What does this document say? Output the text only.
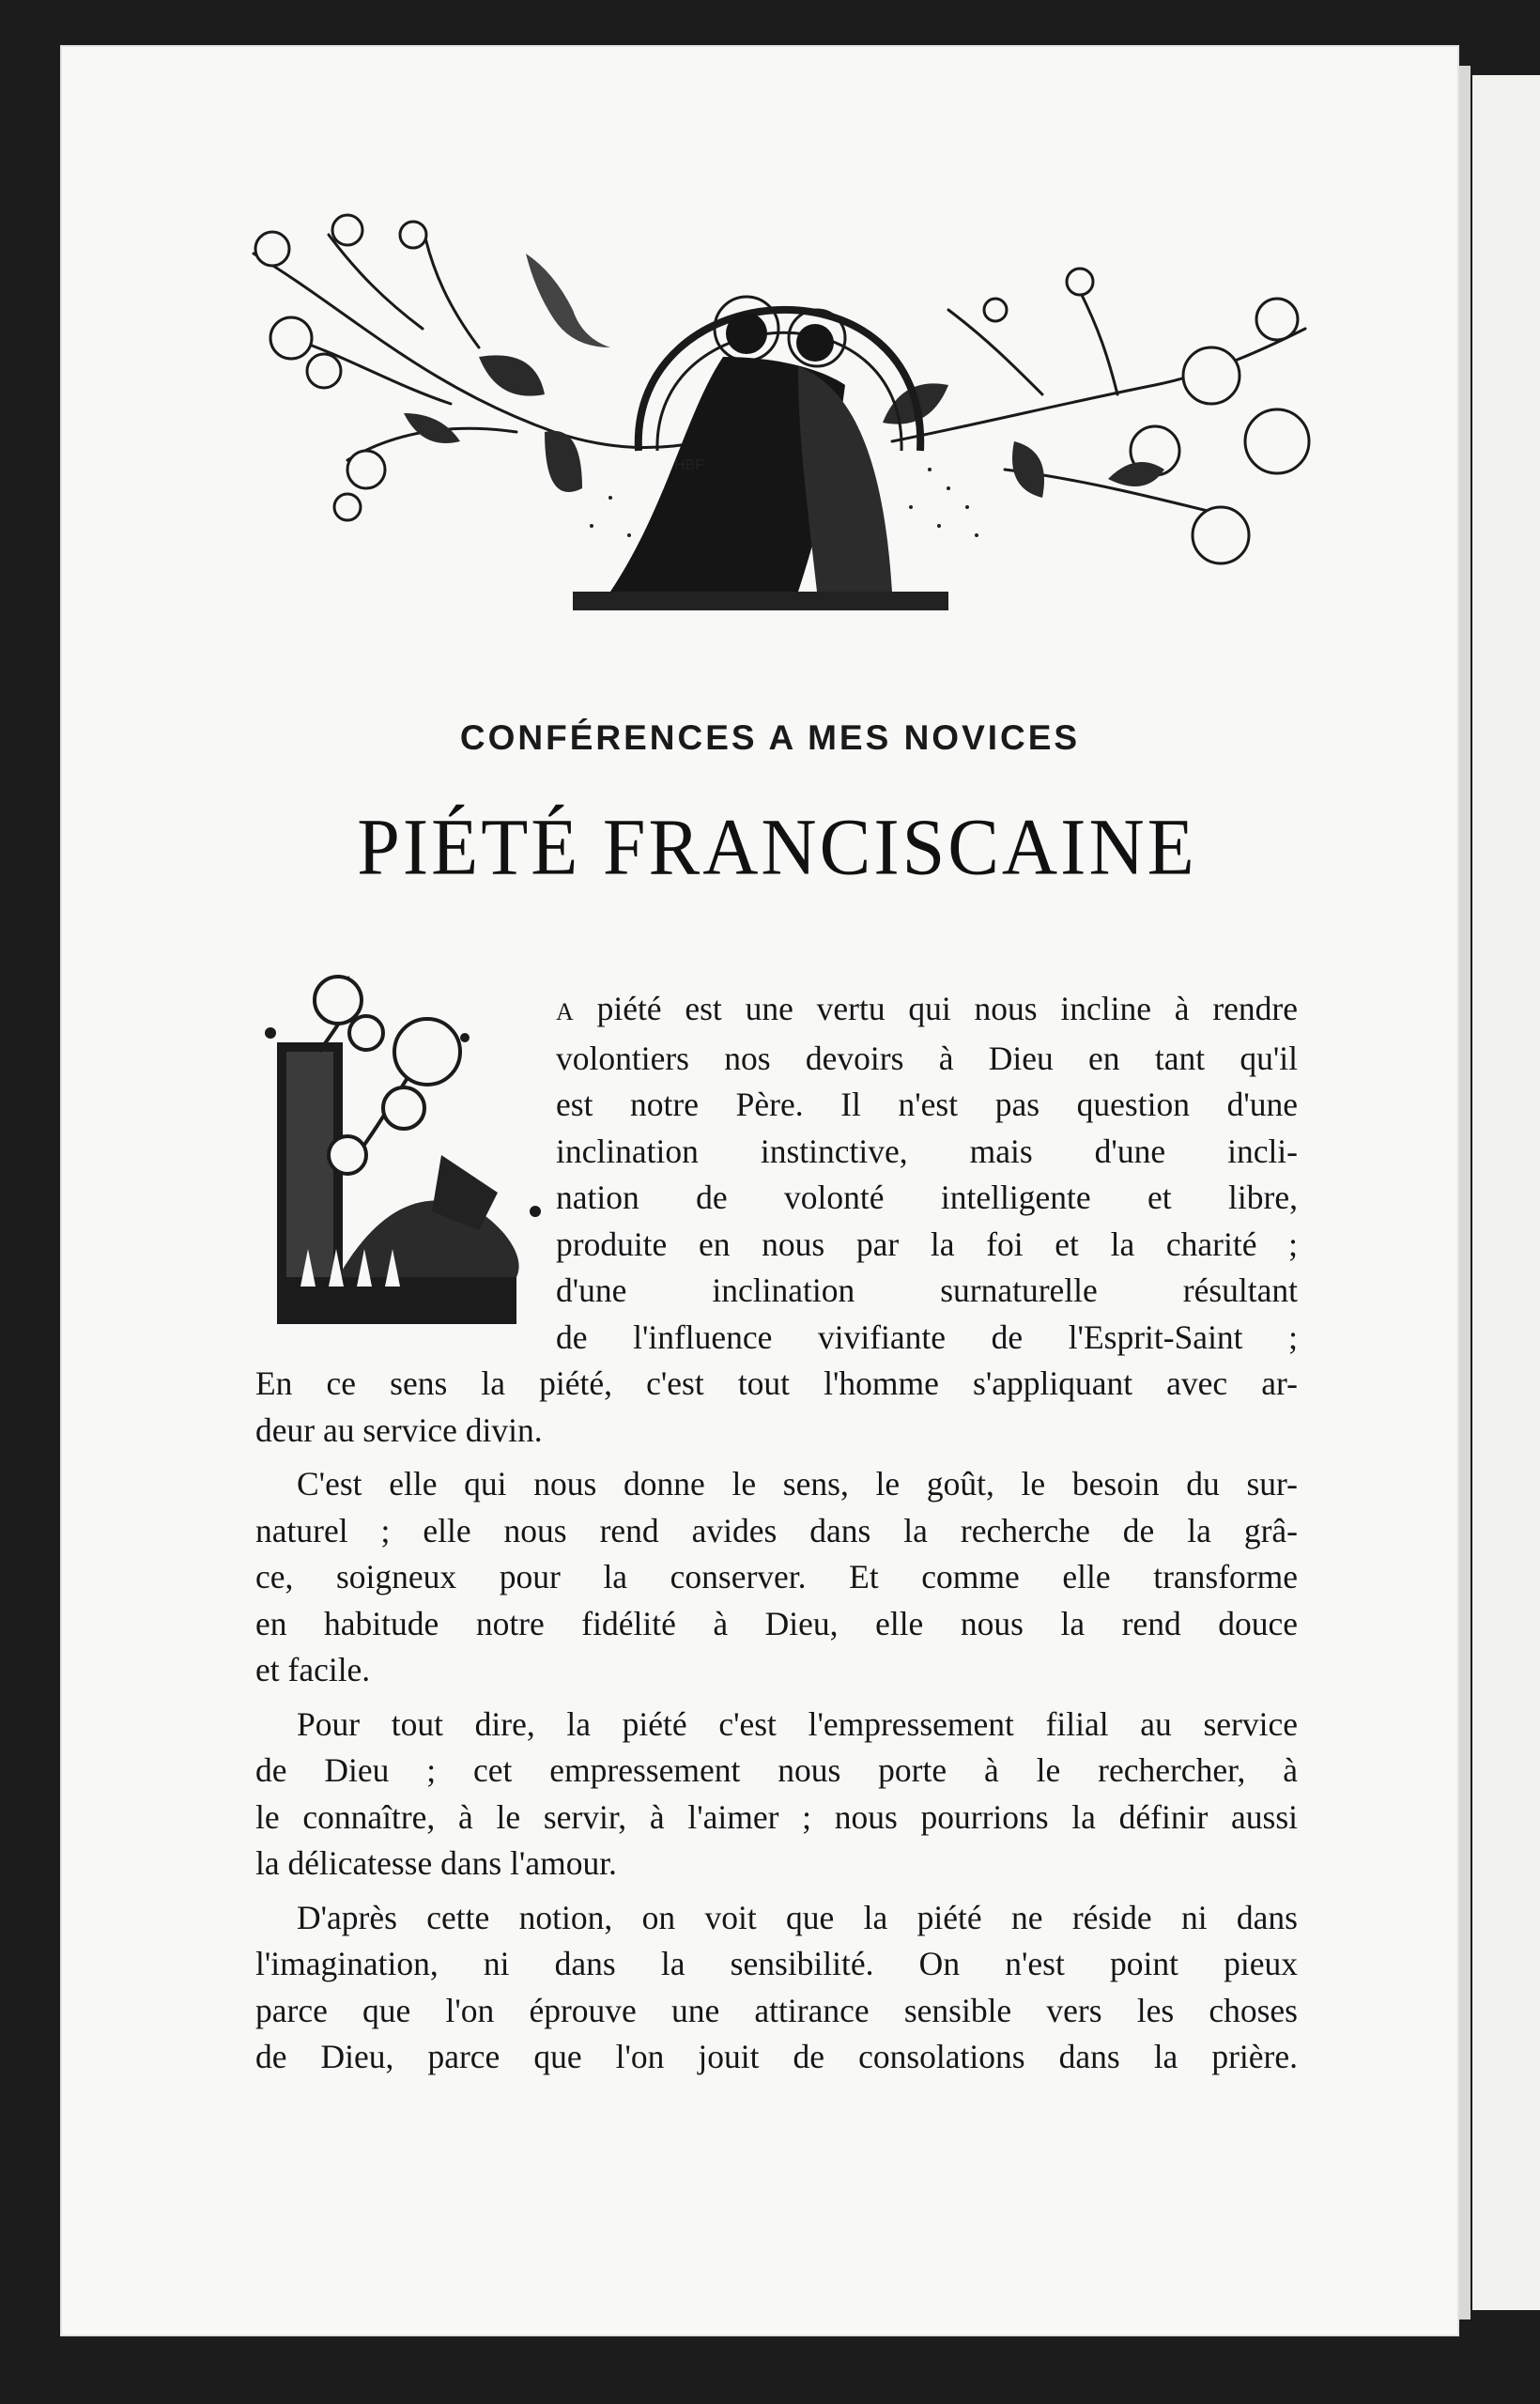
HBF
CONFÉRENCES A MES NOVICES
PIÉTÉ FRANCISCAINE
A piété est une vertu qui nous incline à rendre
volontiers nos devoirs à Dieu en tant qu'il
est notre Père. Il n'est pas question d'une
inclination instinctive, mais d'une incli-
nation de volonté intelligente et libre,
produite en nous par la foi et la charité ;
d'une inclination surnaturelle résultant
de l'influence vivifiante de l'Esprit-Saint ;
En ce sens la piété, c'est tout l'homme s'appliquant avec ar-
deur au service divin.
C'est elle qui nous donne le sens, le goût, le besoin du sur-
naturel ; elle nous rend avides dans la recherche de la grâ-
ce, soigneux pour la conserver. Et comme elle transforme
en habitude notre fidélité à Dieu, elle nous la rend douce
et facile.
Pour tout dire, la piété c'est l'empressement filial au service
de Dieu ; cet empressement nous porte à le rechercher, à
le connaître, à le servir, à l'aimer ; nous pourrions la définir aussi
la délicatesse dans l'amour.
D'après cette notion, on voit que la piété ne réside ni dans
l'imagination, ni dans la sensibilité. On n'est point pieux
parce que l'on éprouve une attirance sensible vers les choses
de Dieu, parce que l'on jouit de consolations dans la prière.
